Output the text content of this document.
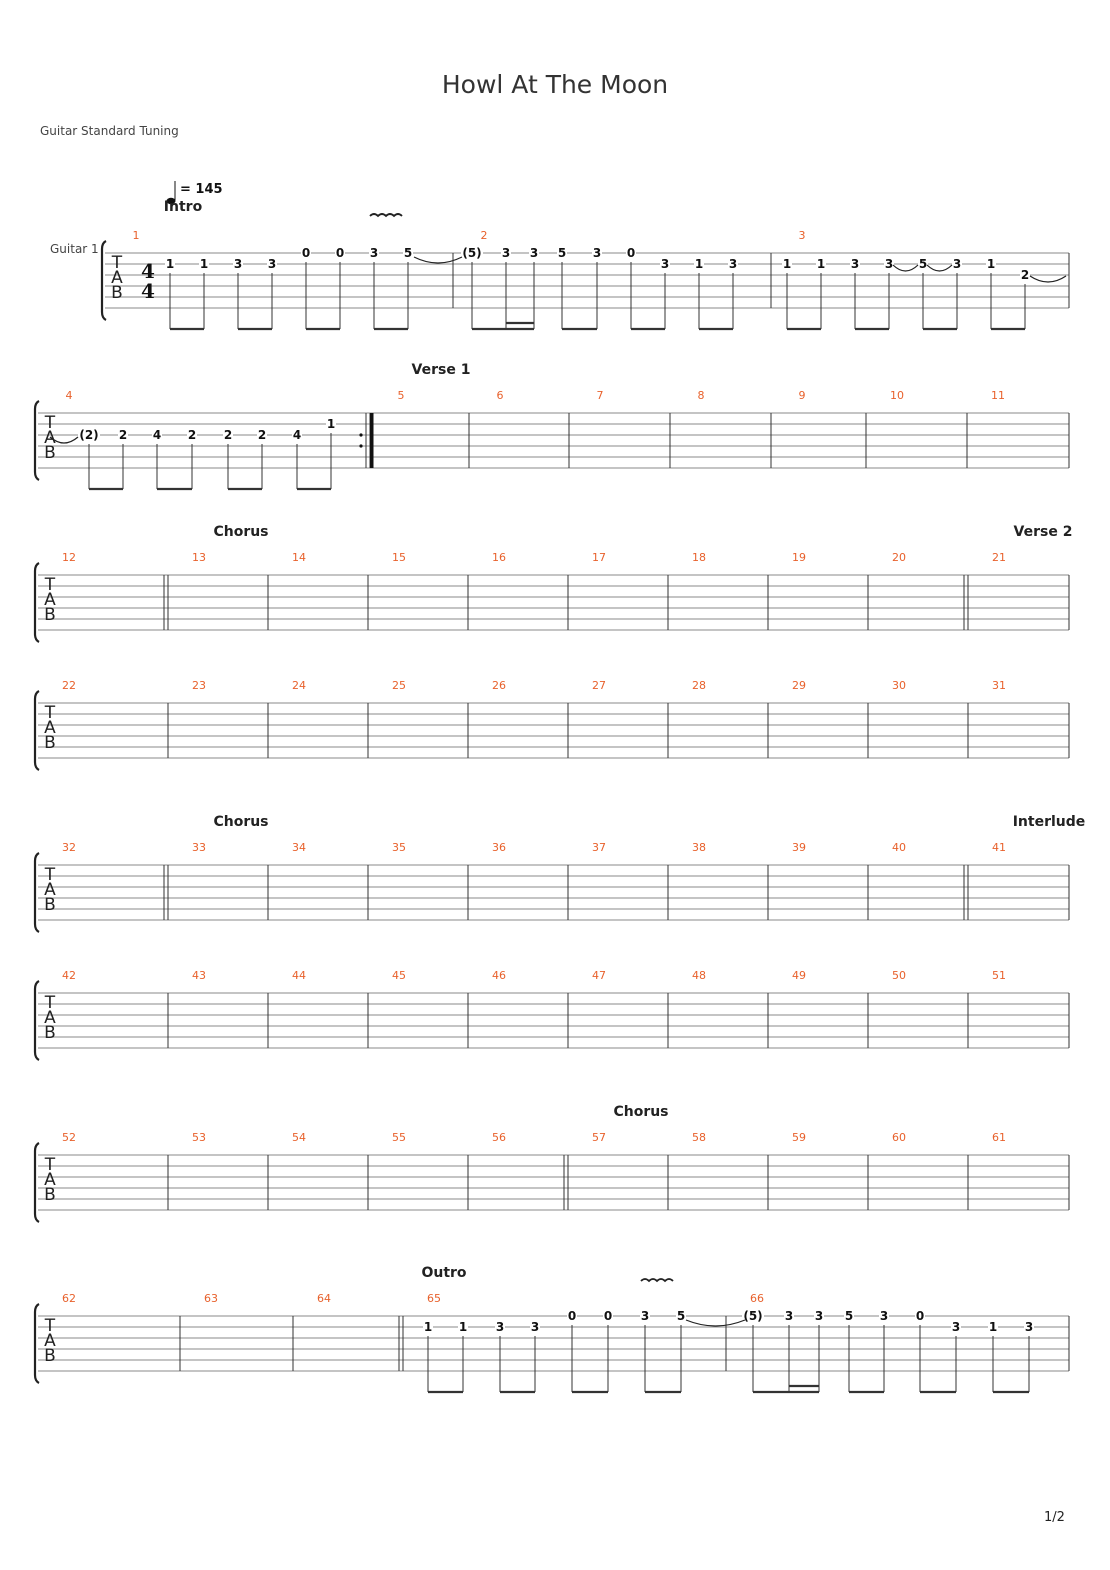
Howl At The Moon
Guitar Standard Tuning
1/2
T
A
B
Guitar 1
4
4
= 145
1
1 1 3 3
0 0 3 5
2
(5) 3 3 5 3 0
3 1 3
3
1 1 3 3 5 3 1
2
Intro
T
A
B
4
(2) 2 4 2 2 2 4
1
5	6	7	8	9	10	11
Verse 1
T
A
B
12	13	14	15	16	17	18	19	20	21
Chorus	Verse 2
T
A
B
22	23	24	25	26	27	28	29	30	31
T
A
B
32	33	34	35	36	37	38	39	40	41
Chorus	Interlude
T
A
B
42	43	44	45	46	47	48	49	50	51
T
A
B
52	53	54	55	56	57	58	59	60	61
Chorus
T
A
B
62	63	64	65
1 1 3 3
0 0 3 5
66
(5) 3 3 5 3 0
3 1 3
Outro
